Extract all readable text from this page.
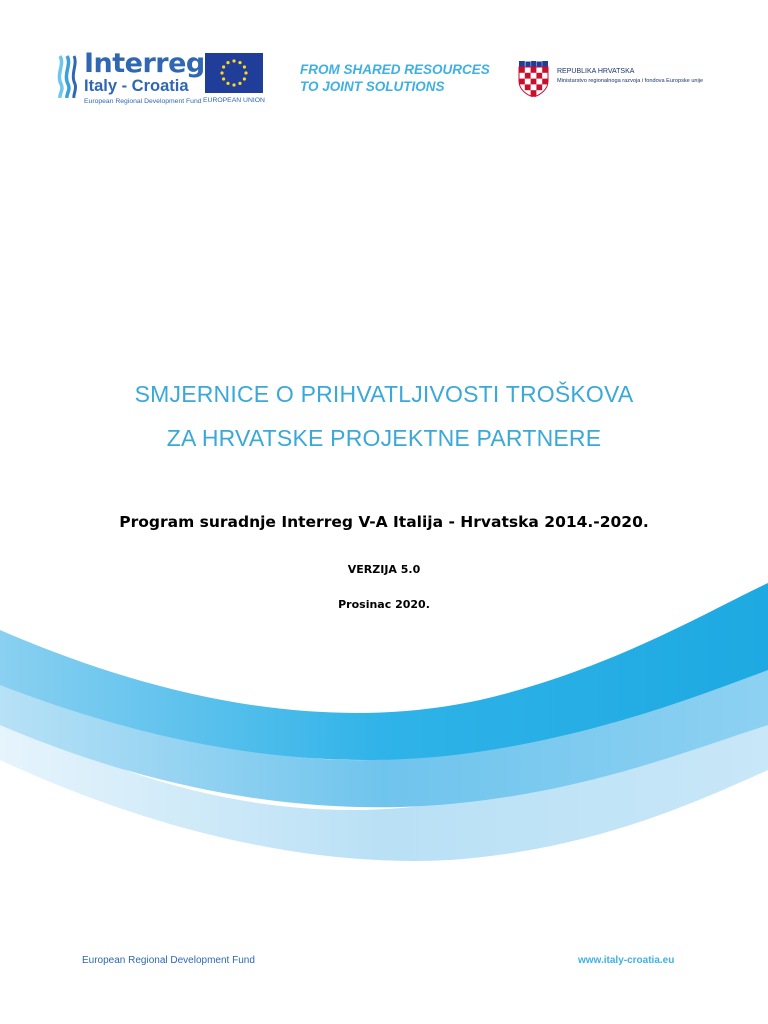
Interreg
Italy - Croatia
European Regional Development Fund EUROPEAN UNION
FROM SHARED RESOURCES
TO JOINT SOLUTIONS
REPUBLIKA HRVATSKA
Ministarstvo regionalnoga razvoja i fondova Europske unije
SMJERNICE O PRIHVATLJIVOSTI TROŠKOVA
ZA HRVATSKE PROJEKTNE PARTNERE
Program suradnje Interreg V-A Italija - Hrvatska 2014.-2020.
VERZIJA 5.0
Prosinac 2020.
European Regional Development Fund	www.italy-croatia.eu
